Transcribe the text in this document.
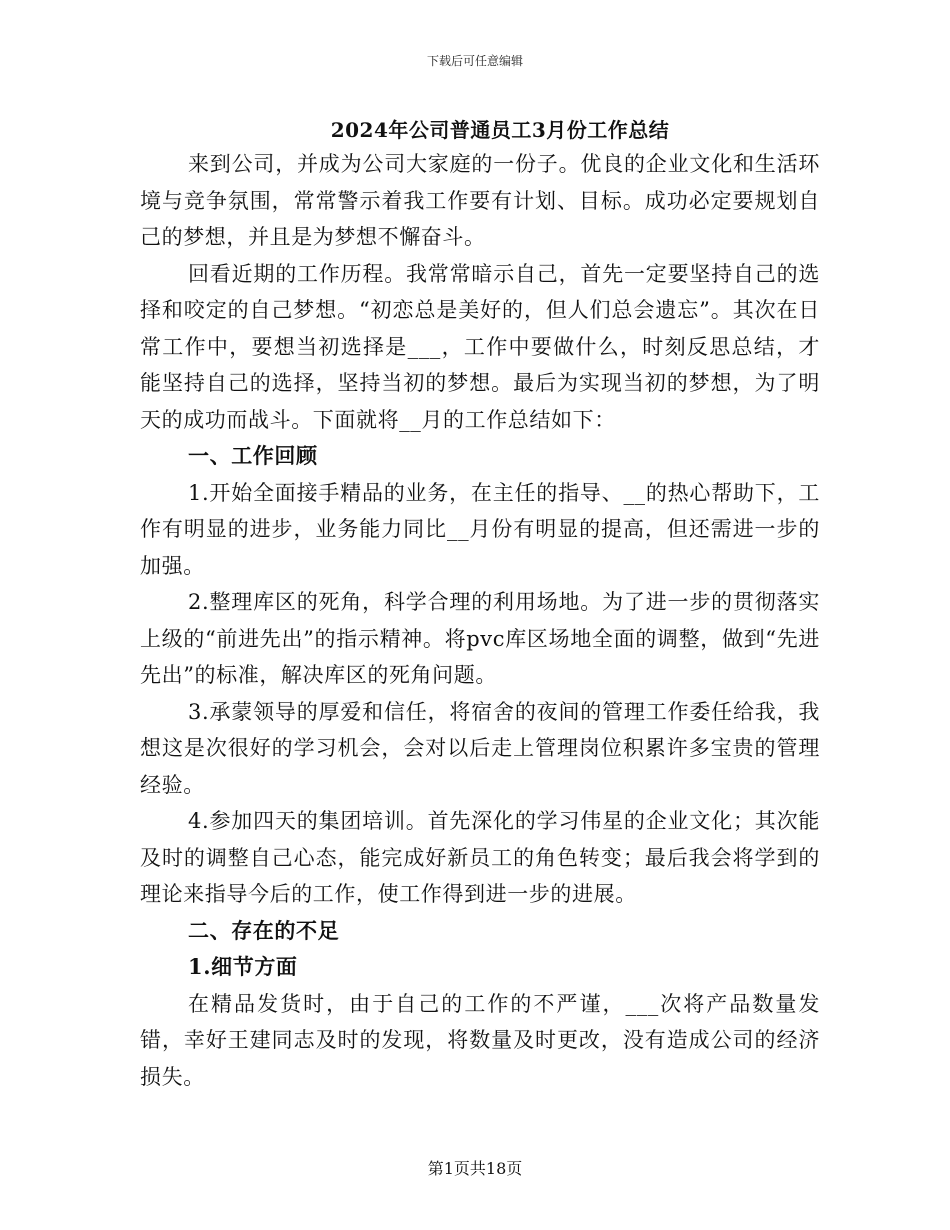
下载后可任意编辑
2024年公司普通员工3月份工作总结

来到公司，并成为公司大家庭的一份子。优良的企业文化和生活环境与竞争氛围，常常警示着我工作要有计划、目标。成功必定要规划自己的梦想，并且是为梦想不懈奋斗。

回看近期的工作历程。我常常暗示自己，首先一定要坚持自己的选择和咬定的自己梦想。“初恋总是美好的，但人们总会遗忘”。其次在日常工作中，要想当初选择是___，工作中要做什么，时刻反思总结，才能坚持自己的选择，坚持当初的梦想。最后为实现当初的梦想，为了明天的成功而战斗。下面就将__月的工作总结如下：

一、工作回顾

1.开始全面接手精品的业务，在主任的指导、__的热心帮助下，工作有明显的进步，业务能力同比__月份有明显的提高，但还需进一步的加强。

2.整理库区的死角，科学合理的利用场地。为了进一步的贯彻落实上级的“前进先出”的指示精神。将pvc库区场地全面的调整，做到“先进先出”的标准，解决库区的死角问题。

3.承蒙领导的厚爱和信任，将宿舍的夜间的管理工作委任给我，我想这是次很好的学习机会，会对以后走上管理岗位积累许多宝贵的管理经验。

4.参加四天的集团培训。首先深化的学习伟星的企业文化；其次能及时的调整自己心态，能完成好新员工的角色转变；最后我会将学到的理论来指导今后的工作，使工作得到进一步的进展。

二、存在的不足

1.细节方面

在精品发货时，由于自己的工作的不严谨，___次将产品数量发错，幸好王建同志及时的发现，将数量及时更改，没有造成公司的经济损失。

第1页共18页
